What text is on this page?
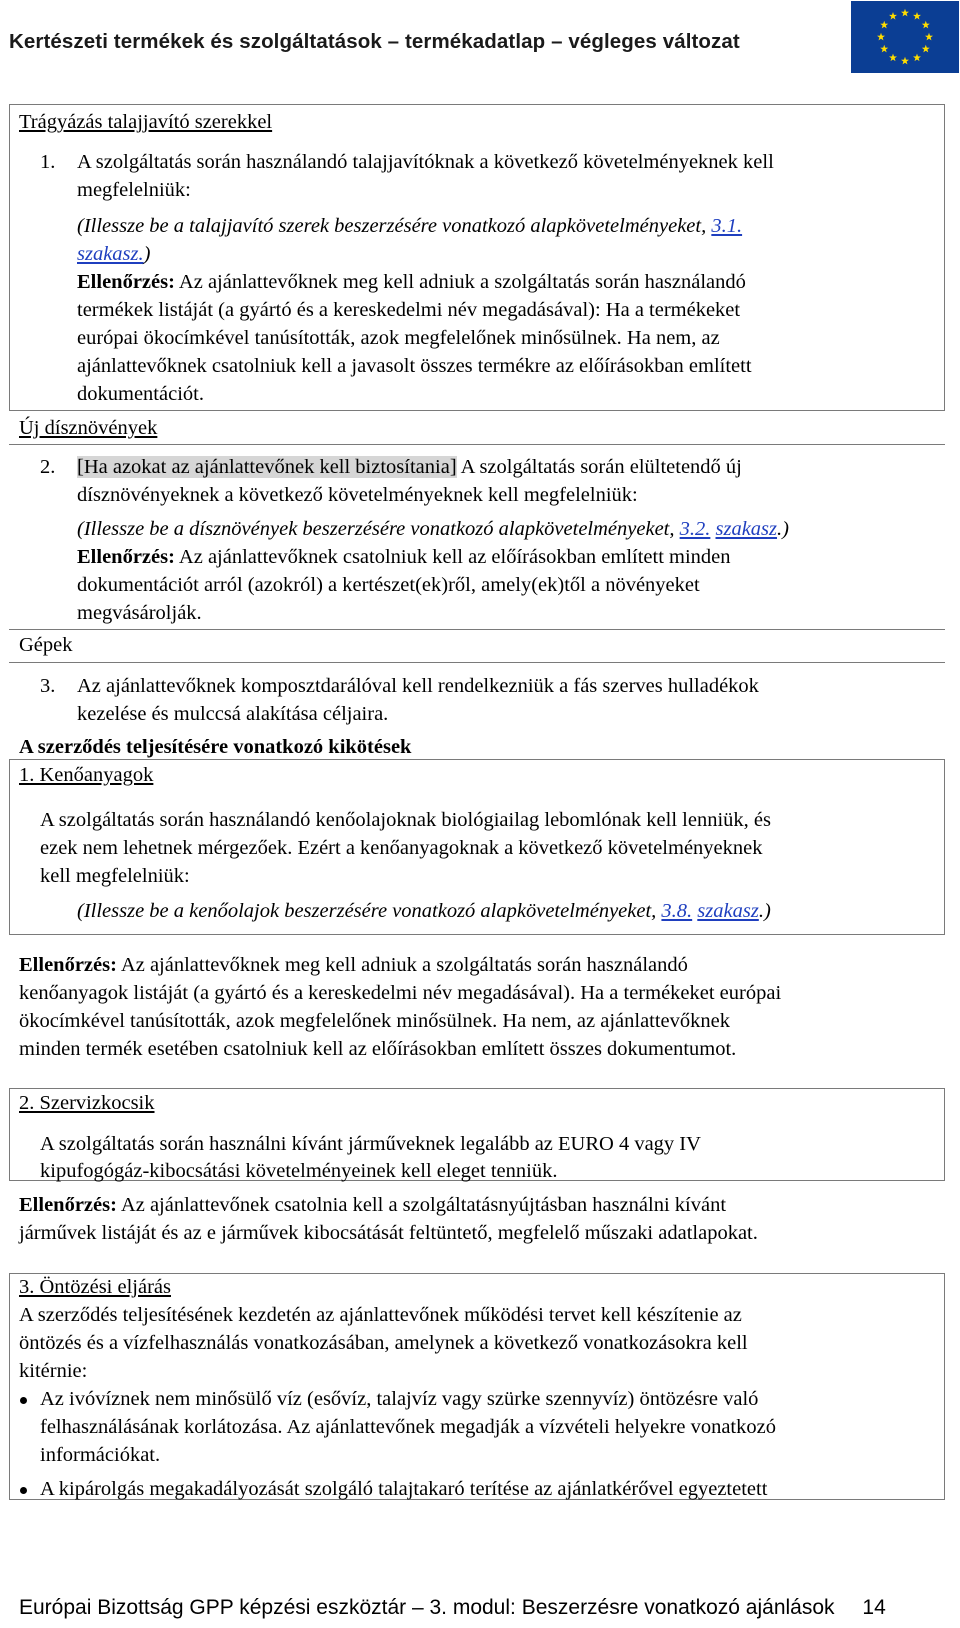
Kertészeti termékek és szolgáltatások – termékadatlap – végleges változat
Trágyázás talajjavító szerekkel
1. A szolgáltatás során használandó talajjavítóknak a következő követelményeknek kell
megfelelniük:
(Illessze be a talajjavító szerek beszerzésére vonatkozó alapkövetelményeket, 3.1.
szakasz.)
Ellenőrzés: Az ajánlattevőknek meg kell adniuk a szolgáltatás során használandó
termékek listáját (a gyártó és a kereskedelmi név megadásával): Ha a termékeket
európai ökocímkével tanúsították, azok megfelelőnek minősülnek. Ha nem, az
ajánlattevőknek csatolniuk kell a javasolt összes termékre az előírásokban említett
dokumentációt.
Új dísznövények
2. [Ha azokat az ajánlattevőnek kell biztosítania] A szolgáltatás során elültetendő új
dísznövényeknek a következő követelményeknek kell megfelelniük:
(Illessze be a dísznövények beszerzésére vonatkozó alapkövetelményeket, 3.2. szakasz.)
Ellenőrzés: Az ajánlattevőknek csatolniuk kell az előírásokban említett minden
dokumentációt arról (azokról) a kertészet(ek)ről, amely(ek)től a növényeket
megvásárolják.
Gépek
3. Az ajánlattevőknek komposztdarálóval kell rendelkezniük a fás szerves hulladékok
kezelése és mulccsá alakítása céljaira.
A szerződés teljesítésére vonatkozó kikötések
1. Kenőanyagok
A szolgáltatás során használandó kenőolajoknak biológiailag lebomlónak kell lenniük, és
ezek nem lehetnek mérgezőek. Ezért a kenőanyagoknak a következő követelményeknek
kell megfelelniük:
(Illessze be a kenőolajok beszerzésére vonatkozó alapkövetelményeket, 3.8. szakasz.)
Ellenőrzés: Az ajánlattevőknek meg kell adniuk a szolgáltatás során használandó
kenőanyagok listáját (a gyártó és a kereskedelmi név megadásával). Ha a termékeket európai
ökocímkével tanúsították, azok megfelelőnek minősülnek. Ha nem, az ajánlattevőknek
minden termék esetében csatolniuk kell az előírásokban említett összes dokumentumot.
2. Szervizkocsik
A szolgáltatás során használni kívánt járműveknek legalább az EURO 4 vagy IV
kipufogógáz-kibocsátási követelményeinek kell eleget tenniük.
Ellenőrzés: Az ajánlattevőnek csatolnia kell a szolgáltatásnyújtásban használni kívánt
járművek listáját és az e járművek kibocsátását feltüntető, megfelelő műszaki adatlapokat.
3. Öntözési eljárás
A szerződés teljesítésének kezdetén az ajánlattevőnek működési tervet kell készítenie az
öntözés és a vízfelhasználás vonatkozásában, amelynek a következő vonatkozásokra kell
kitérnie:
Az ivóvíznek nem minősülő víz (esővíz, talajvíz vagy szürke szennyvíz) öntözésre való
felhasználásának korlátozása. Az ajánlattevőnek megadják a vízvételi helyekre vonatkozó
információkat.
A kipárolgás megakadályozását szolgáló talajtakaró terítése az ajánlatkérővel egyeztetett
Európai Bizottság GPP képzési eszköztár – 3. modul: Beszerzésre vonatkozó ajánlások 14
